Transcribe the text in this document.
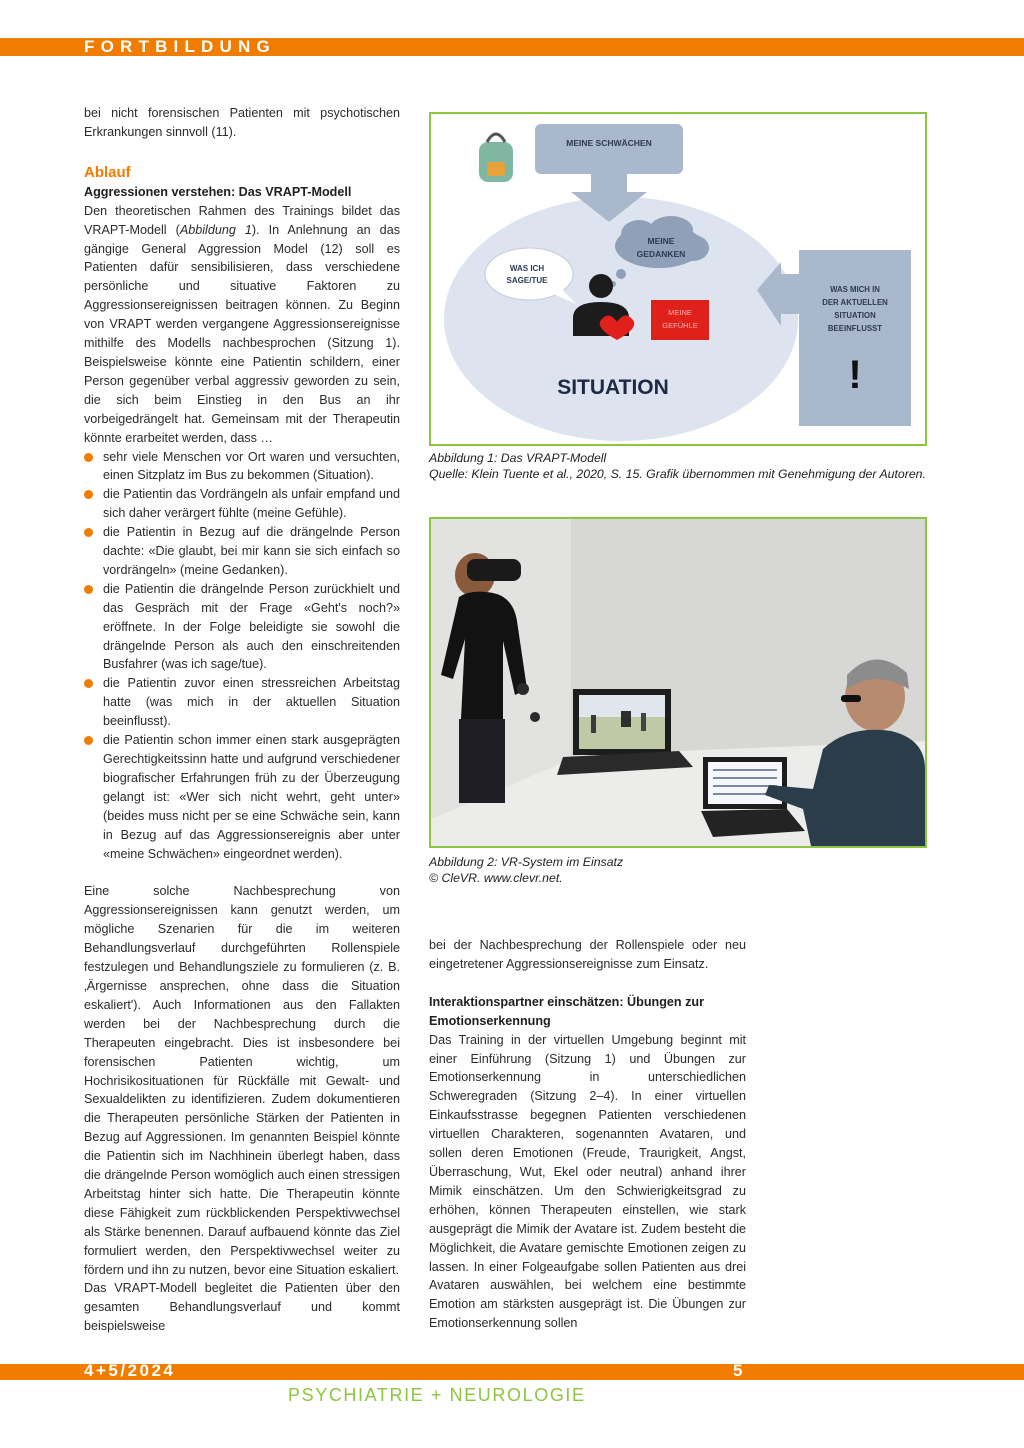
FORTBILDUNG

bei nicht forensischen Patienten mit psychotischen Erkrankungen sinnvoll (11).

Ablauf
Aggressionen verstehen: Das VRAPT-Modell

Den theoretischen Rahmen des Trainings bildet das VRAPT-Modell (Abbildung 1). In Anlehnung an das gängige General Aggression Model (12) soll es Patienten dafür sensibilisieren, dass verschiedene persönliche und situative Faktoren zu Aggressionsereignissen beitragen können. Zu Beginn von VRAPT werden vergangene Aggressionsereignisse mithilfe des Modells nachbesprochen (Sitzung 1). Beispielsweise könnte eine Patientin schildern, einer Person gegenüber verbal aggressiv geworden zu sein, die sich beim Einstieg in den Bus an ihr vorbeigedrängelt hat. Gemeinsam mit der Therapeutin könnte erarbeitet werden, dass …

sehr viele Menschen vor Ort waren und versuchten, einen Sitzplatz im Bus zu bekommen (Situation).
die Patientin das Vordrängeln als unfair empfand und sich daher verärgert fühlte (meine Gefühle).
die Patientin in Bezug auf die drängelnde Person dachte: «Die glaubt, bei mir kann sie sich einfach so vordrängeln» (meine Gedanken).
die Patientin die drängelnde Person zurückhielt und das Gespräch mit der Frage «Geht's noch?» eröffnete. In der Folge beleidigte sie sowohl die drängelnde Person als auch den einschreitenden Busfahrer (was ich sage/tue).
die Patientin zuvor einen stressreichen Arbeitstag hatte (was mich in der aktuellen Situation beeinflusst).
die Patientin schon immer einen stark ausgeprägten Gerechtigkeitssinn hatte und aufgrund verschiedener biografischer Erfahrungen früh zu der Überzeugung gelangt ist: «Wer sich nicht wehrt, geht unter» (beides muss nicht per se eine Schwäche sein, kann in Bezug auf das Aggressionsereignis aber unter «meine Schwächen» eingeordnet werden).

Eine solche Nachbesprechung von Aggressionsereignissen kann genutzt werden, um mögliche Szenarien für die im weiteren Behandlungsverlauf durchgeführten Rollenspiele festzulegen und Behandlungsziele zu formulieren (z. B.‚Ärgernisse ansprechen, ohne dass die Situation eskaliert'). Auch Informationen aus den Fallakten werden bei der Nachbesprechung durch die Therapeuten eingebracht. Dies ist insbesondere bei forensischen Patienten wichtig, um Hochrisikosituationen für Rückfälle mit Gewalt- und Sexualdelikten zu identifizieren. Zudem dokumentieren die Therapeuten persönliche Stärken der Patienten in Bezug auf Aggressionen. Im genannten Beispiel könnte die Patientin sich im Nachhinein überlegt haben, dass die drängelnde Person womöglich auch einen stressigen Arbeitstag hinter sich hatte. Die Therapeutin könnte diese Fähigkeit zum rückblickenden Perspektivwechsel als Stärke benennen. Darauf aufbauend könnte das Ziel formuliert werden, den Perspektivwechsel weiter zu fördern und ihn zu nutzen, bevor eine Situation eskaliert.

Das VRAPT-Modell begleitet die Patienten über den gesamten Behandlungsverlauf und kommt beispielsweise

MEINE SCHWÄCHEN
MEINE
GEDANKEN
WAS ICH
SAGE/TUE
MEINE
GEFÜHLE
WAS MICH IN
DER AKTUELLEN
SITUATION
BEEINFLUSST
!
SITUATION
Abbildung 1: Das VRAPT-Modell
Quelle: Klein Tuente et al., 2020, S. 15. Grafik übernommen mit Genehmigung der Autoren.
Abbildung 2: VR-System im Einsatz
© CleVR. www.clevr.net.

bei der Nachbesprechung der Rollenspiele oder neu eingetretener Aggressionsereignisse zum Einsatz.

Interaktionspartner einschätzen: Übungen zur Emotionserkennung

Das Training in der virtuellen Umgebung beginnt mit einer Einführung (Sitzung 1) und Übungen zur Emotionserkennung in unterschiedlichen Schweregraden (Sitzung 2–4). In einer virtuellen Einkaufsstrasse begegnen Patienten verschiedenen virtuellen Charakteren, sogenannten Avataren, und sollen deren Emotionen (Freude, Traurigkeit, Angst, Überraschung, Wut, Ekel oder neutral) anhand ihrer Mimik einschätzen. Um den Schwierigkeitsgrad zu erhöhen, können Therapeuten einstellen, wie stark ausgeprägt die Mimik der Avatare ist. Zudem besteht die Möglichkeit, die Avatare gemischte Emotionen zeigen zu lassen. In einer Folgeaufgabe sollen Patienten aus drei Avataren auswählen, bei welchem eine bestimmte Emotion am stärksten ausgeprägt ist. Die Übungen zur Emotionserkennung sollen

4+5/2024	5
PSYCHIATRIE + NEUROLOGIE
